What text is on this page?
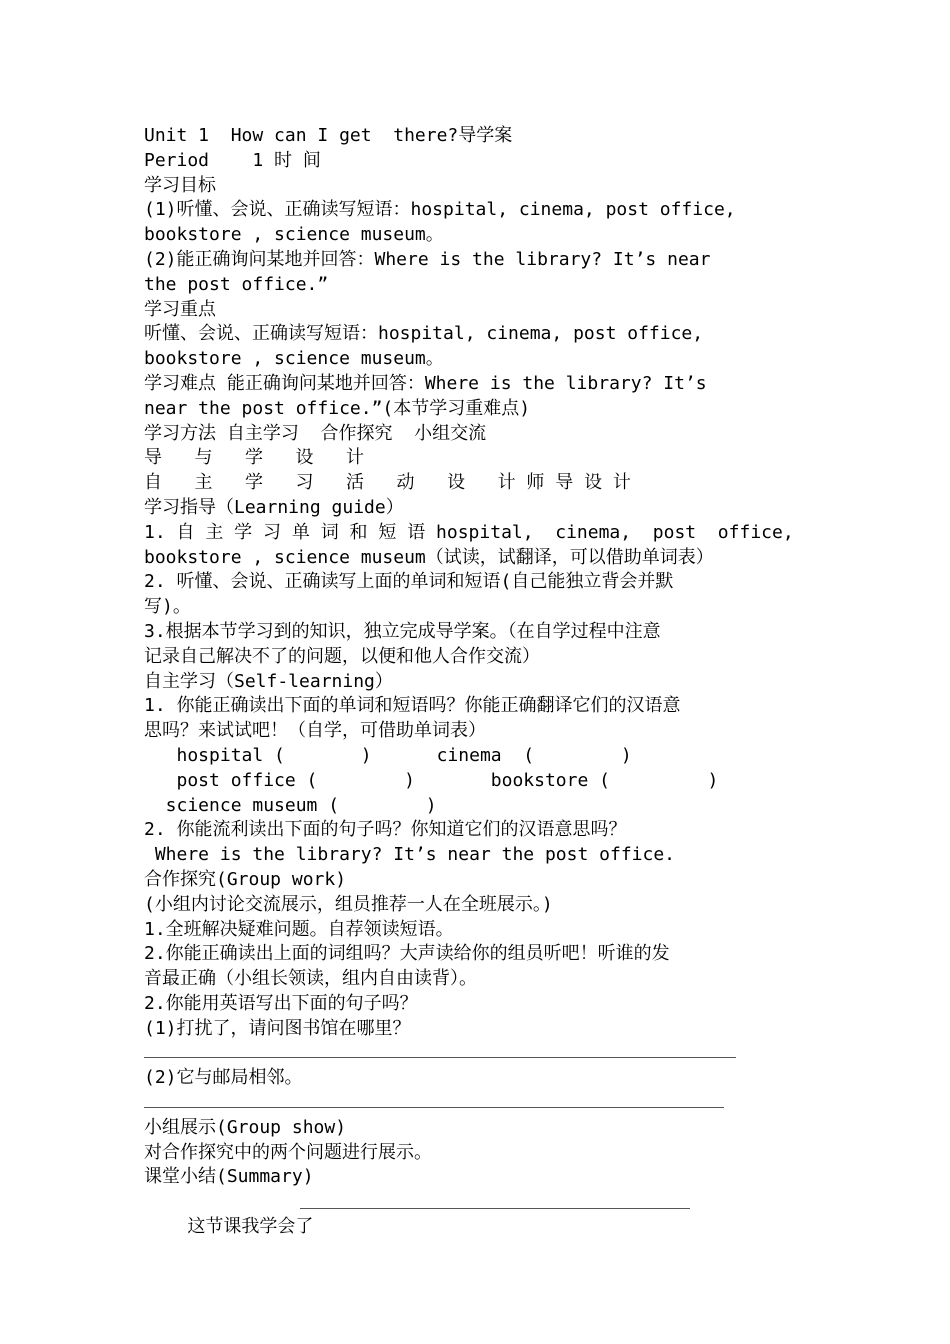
Unit 1  How can I get  there?导学案
Period    1 时 间
学习目标
(1)听懂、会说、正确读写短语：hospital, cinema, post office,
bookstore , science museum。
(2)能正确询问某地并回答：Where is the library? It’s near
the post office.”
学习重点
听懂、会说、正确读写短语：hospital, cinema, post office,
bookstore , science museum。
学习难点 能正确询问某地并回答：Where is the library? It’s
near the post office.”(本节学习重难点)
学习方法 自主学习  合作探究  小组交流
导   与   学   设   计
自   主   学   习   活   动   设   计 师 导 设 计
学习指导（Learning guide）
1. 自 主 学 习 单 词 和 短 语 hospital,  cinema,  post  office,
bookstore , science museum（试读，试翻译，可以借助单词表）
2. 听懂、会说、正确读写上面的单词和短语(自己能独立背会并默
写)。
3.根据本节学习到的知识，独立完成导学案。（在自学过程中注意
记录自己解决不了的问题，以便和他人合作交流）
自主学习（Self-learning）
1. 你能正确读出下面的单词和短语吗？你能正确翻译它们的汉语意
思吗？来试试吧！（自学，可借助单词表）
hospital (       )      cinema  (        )
post office (        )       bookstore (         )
science museum (        )
2. 你能流利读出下面的句子吗？你知道它们的汉语意思吗？
Where is the library? It’s near the post office.
合作探究(Group work)
(小组内讨论交流展示，组员推荐一人在全班展示。)
1.全班解决疑难问题。自荐领读短语。
2.你能正确读出上面的词组吗？大声读给你的组员听吧！听谁的发
音最正确（小组长领读，组内自由读背）。
2.你能用英语写出下面的句子吗？
(1)打扰了，请问图书馆在哪里？
(2)它与邮局相邻。
小组展示(Group show)
对合作探究中的两个问题进行展示。
课堂小结(Summary)

这节课我学会了
